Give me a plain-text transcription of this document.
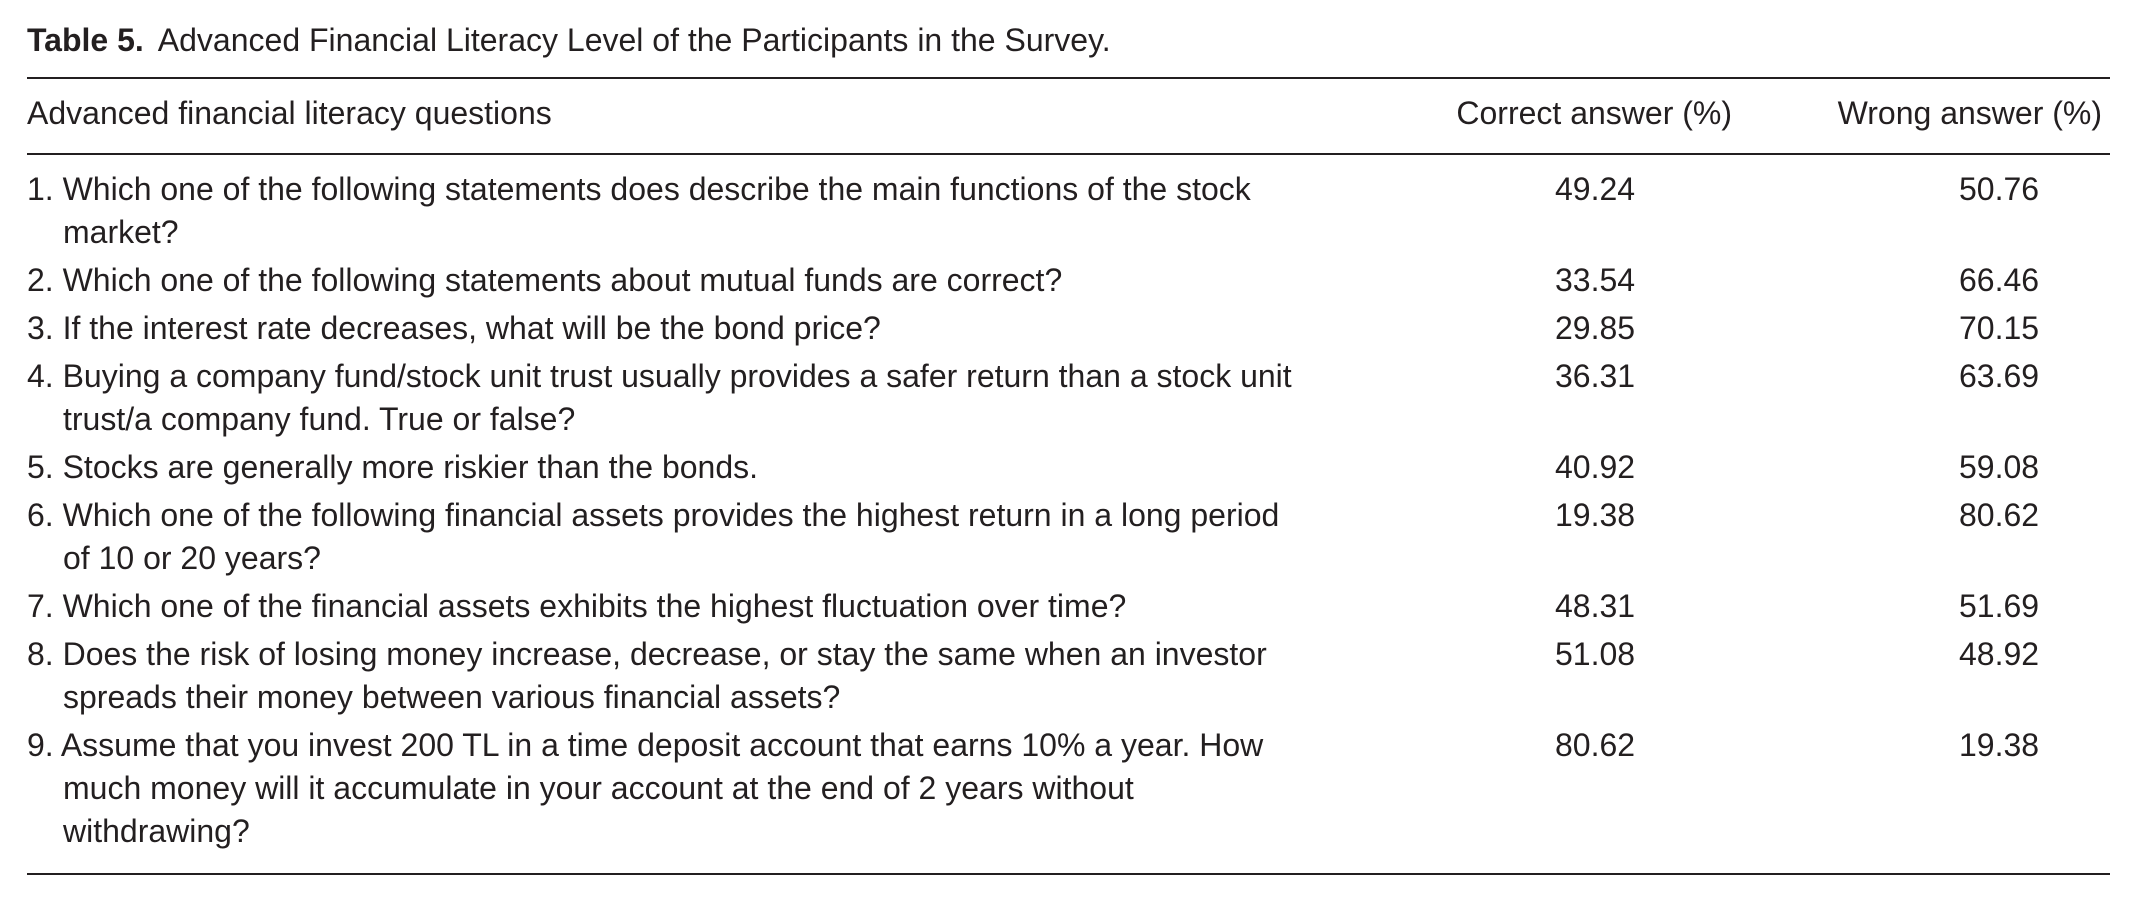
Table 5. Advanced Financial Literacy Level of the Participants in the Survey.
Advanced financial literacy questions	Correct answer (%)	Wrong answer (%)
1. Which one of the following statements does describe the main functions of the stock market?	49.24	50.76
2. Which one of the following statements about mutual funds are correct?	33.54	66.46
3. If the interest rate decreases, what will be the bond price?	29.85	70.15
4. Buying a company fund/stock unit trust usually provides a safer return than a stock unit trust/a company fund. True or false?	36.31	63.69
5. Stocks are generally more riskier than the bonds.	40.92	59.08
6. Which one of the following financial assets provides the highest return in a long period of 10 or 20 years?	19.38	80.62
7. Which one of the financial assets exhibits the highest fluctuation over time?	48.31	51.69
8. Does the risk of losing money increase, decrease, or stay the same when an investor spreads their money between various financial assets?	51.08	48.92
9. Assume that you invest 200 TL in a time deposit account that earns 10% a year. How much money will it accumulate in your account at the end of 2 years without withdrawing?	80.62	19.38
